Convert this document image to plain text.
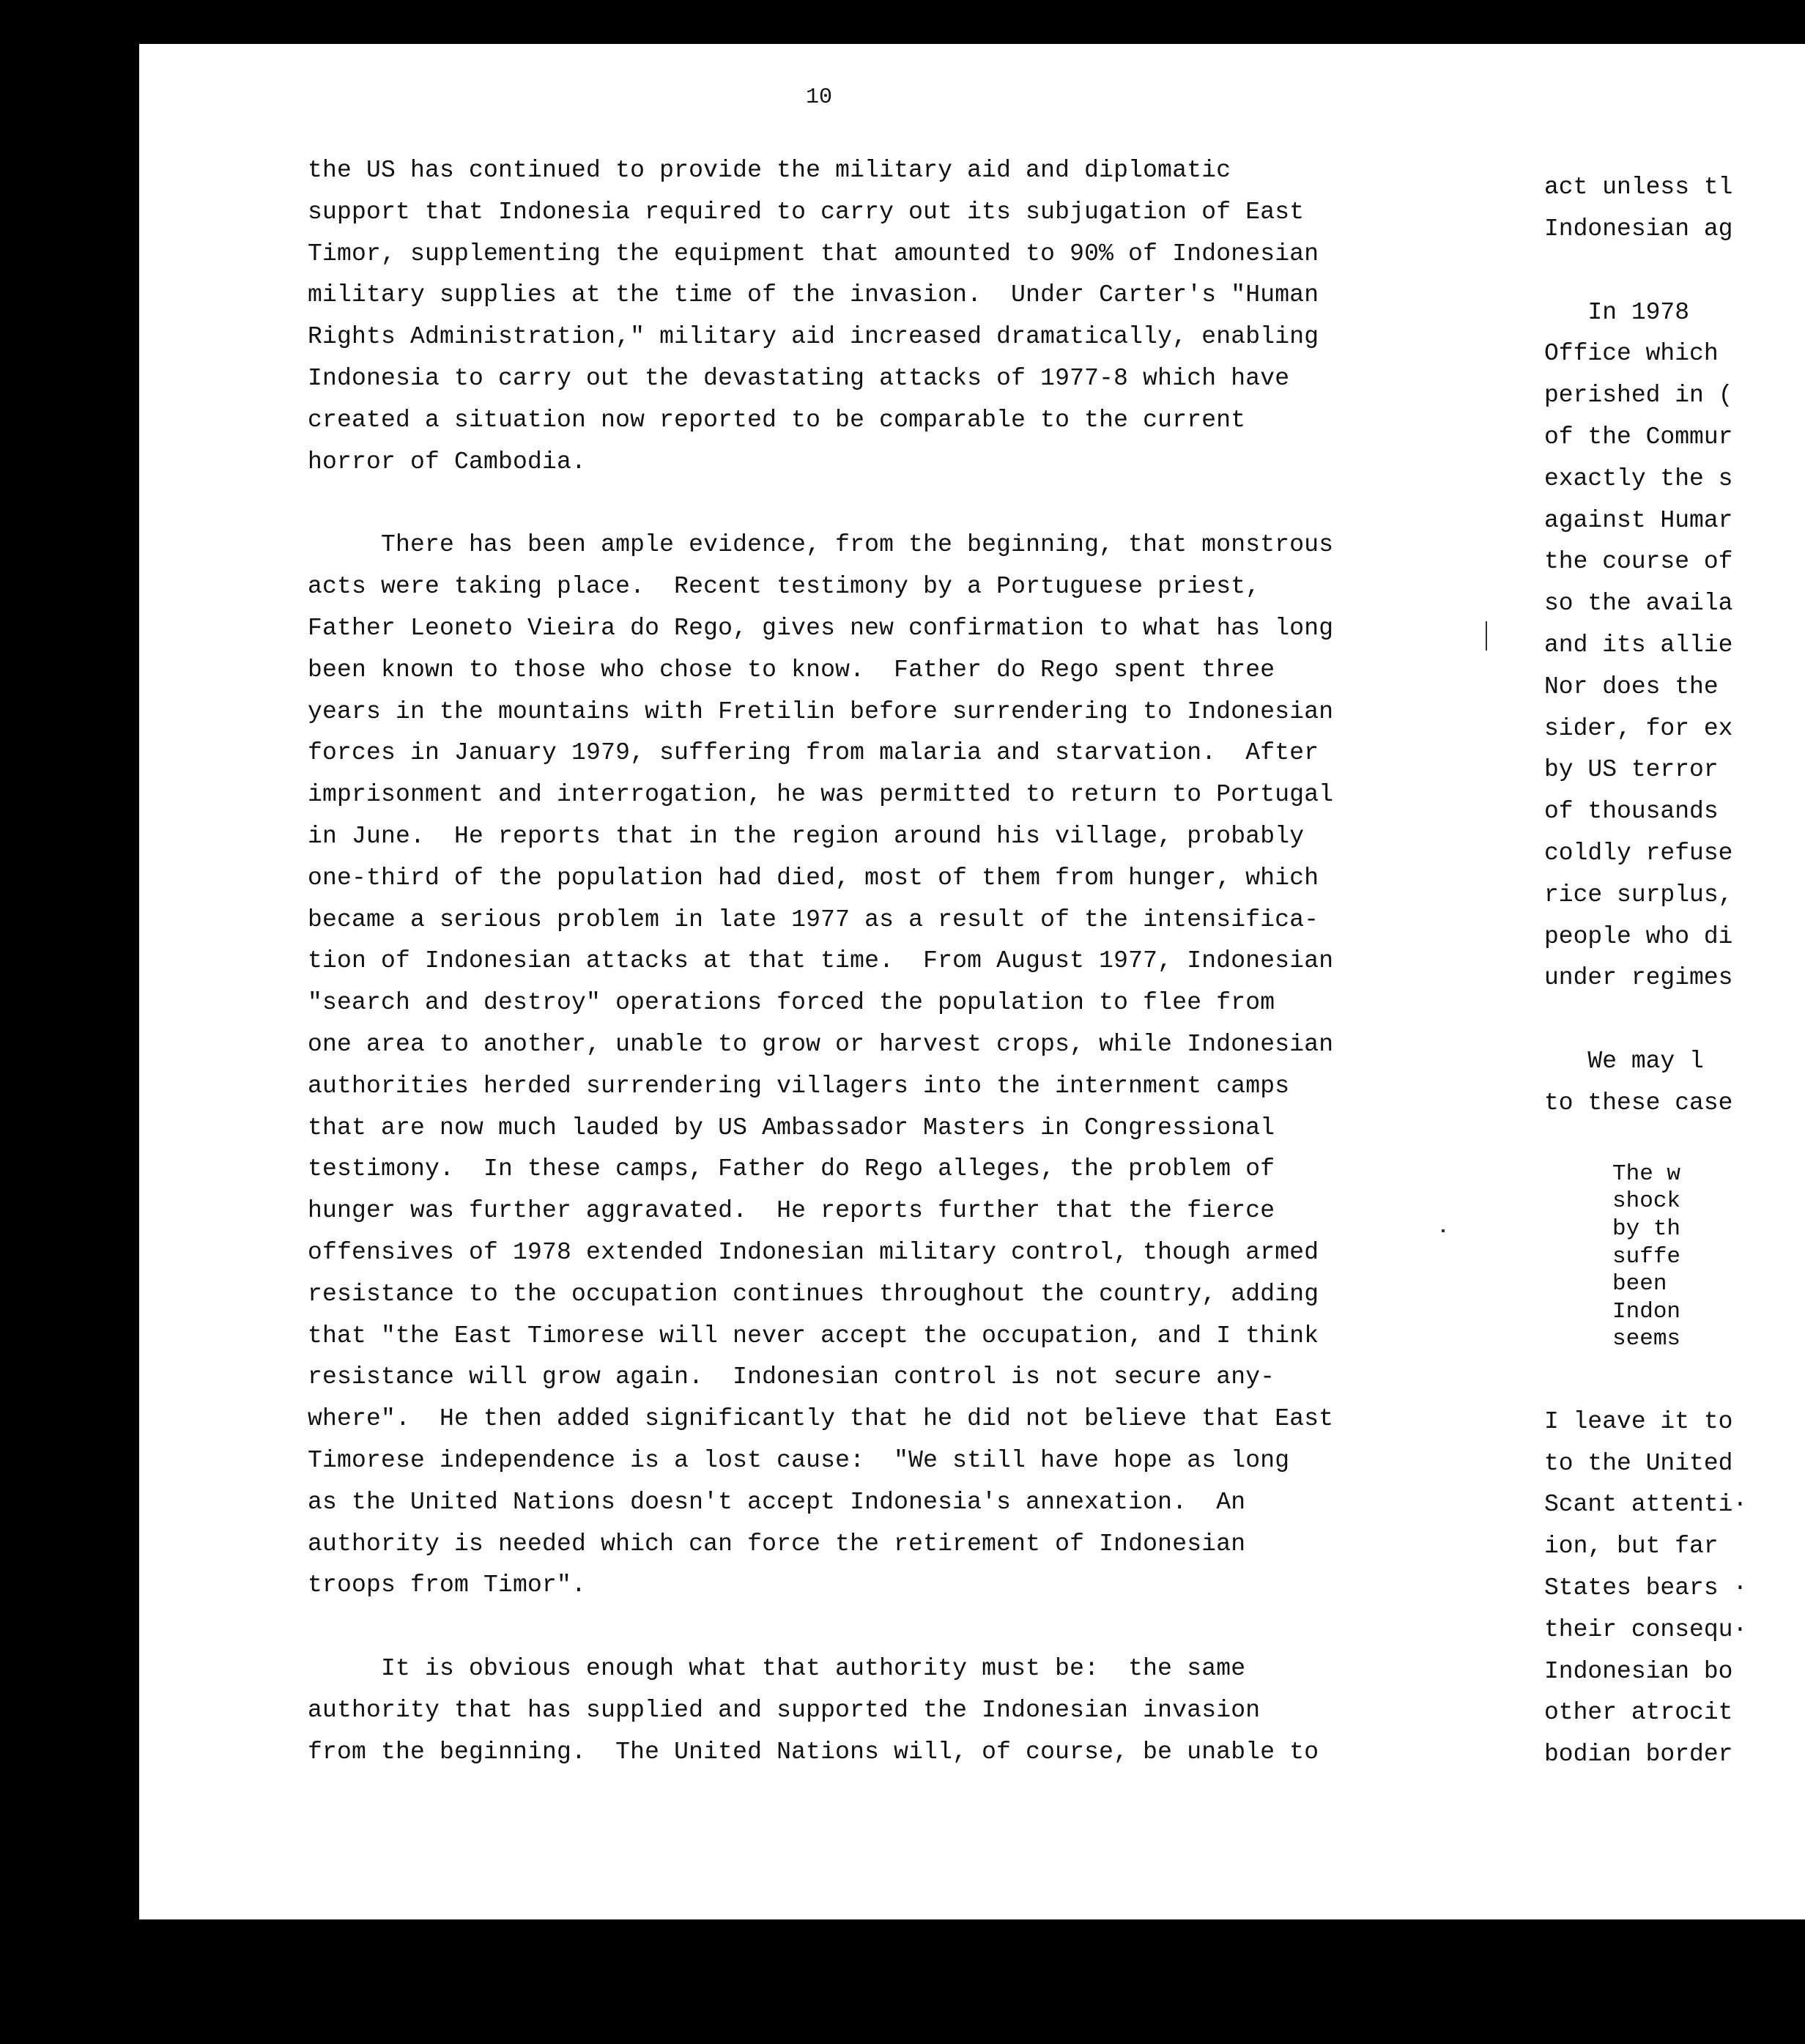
10

the US has continued to provide the military aid and diplomatic
support that Indonesia required to carry out its subjugation of East
Timor, supplementing the equipment that amounted to 90% of Indonesian
military supplies at the time of the invasion.  Under Carter's "Human
Rights Administration," military aid increased dramatically, enabling
Indonesia to carry out the devastating attacks of 1977-8 which have
created a situation now reported to be comparable to the current
horror of Cambodia.

There has been ample evidence, from the beginning, that monstrous
acts were taking place.  Recent testimony by a Portuguese priest,
Father Leoneto Vieira do Rego, gives new confirmation to what has long
been known to those who chose to know.  Father do Rego spent three
years in the mountains with Fretilin before surrendering to Indonesian
forces in January 1979, suffering from malaria and starvation.  After
imprisonment and interrogation, he was permitted to return to Portugal
in June.  He reports that in the region around his village, probably
one-third of the population had died, most of them from hunger, which
became a serious problem in late 1977 as a result of the intensifica-
tion of Indonesian attacks at that time.  From August 1977, Indonesian
"search and destroy" operations forced the population to flee from
one area to another, unable to grow or harvest crops, while Indonesian
authorities herded surrendering villagers into the internment camps
that are now much lauded by US Ambassador Masters in Congressional
testimony.  In these camps, Father do Rego alleges, the problem of
hunger was further aggravated.  He reports further that the fierce
offensives of 1978 extended Indonesian military control, though armed
resistance to the occupation continues throughout the country, adding
that "the East Timorese will never accept the occupation, and I think
resistance will grow again.  Indonesian control is not secure any-
where".  He then added significantly that he did not believe that East
Timorese independence is a lost cause:  "We still have hope as long
as the United Nations doesn't accept Indonesia's annexation.  An
authority is needed which can force the retirement of Indonesian
troops from Timor".

It is obvious enough what that authority must be:  the same
authority that has supplied and supported the Indonesian invasion
from the beginning.  The United Nations will, of course, be unable to

act unless tl
Indonesian aɡ

In 1978
Office which
perished in (
of the Commur
exactly the s
against Humar
the course of
so the availa
and its allie
Nor does the
sider, for ex
by US terror
of thousands
coldly refuse
rice surplus,
people who di
under regimes

We may l
to these case

The w
shock
by th
suffe
been
Indon
seems

I leave it to
to the United
Scant attenti·
ion, but far
States bears ·
their consequ·
Indonesian bo
other atrocit
bodian border
